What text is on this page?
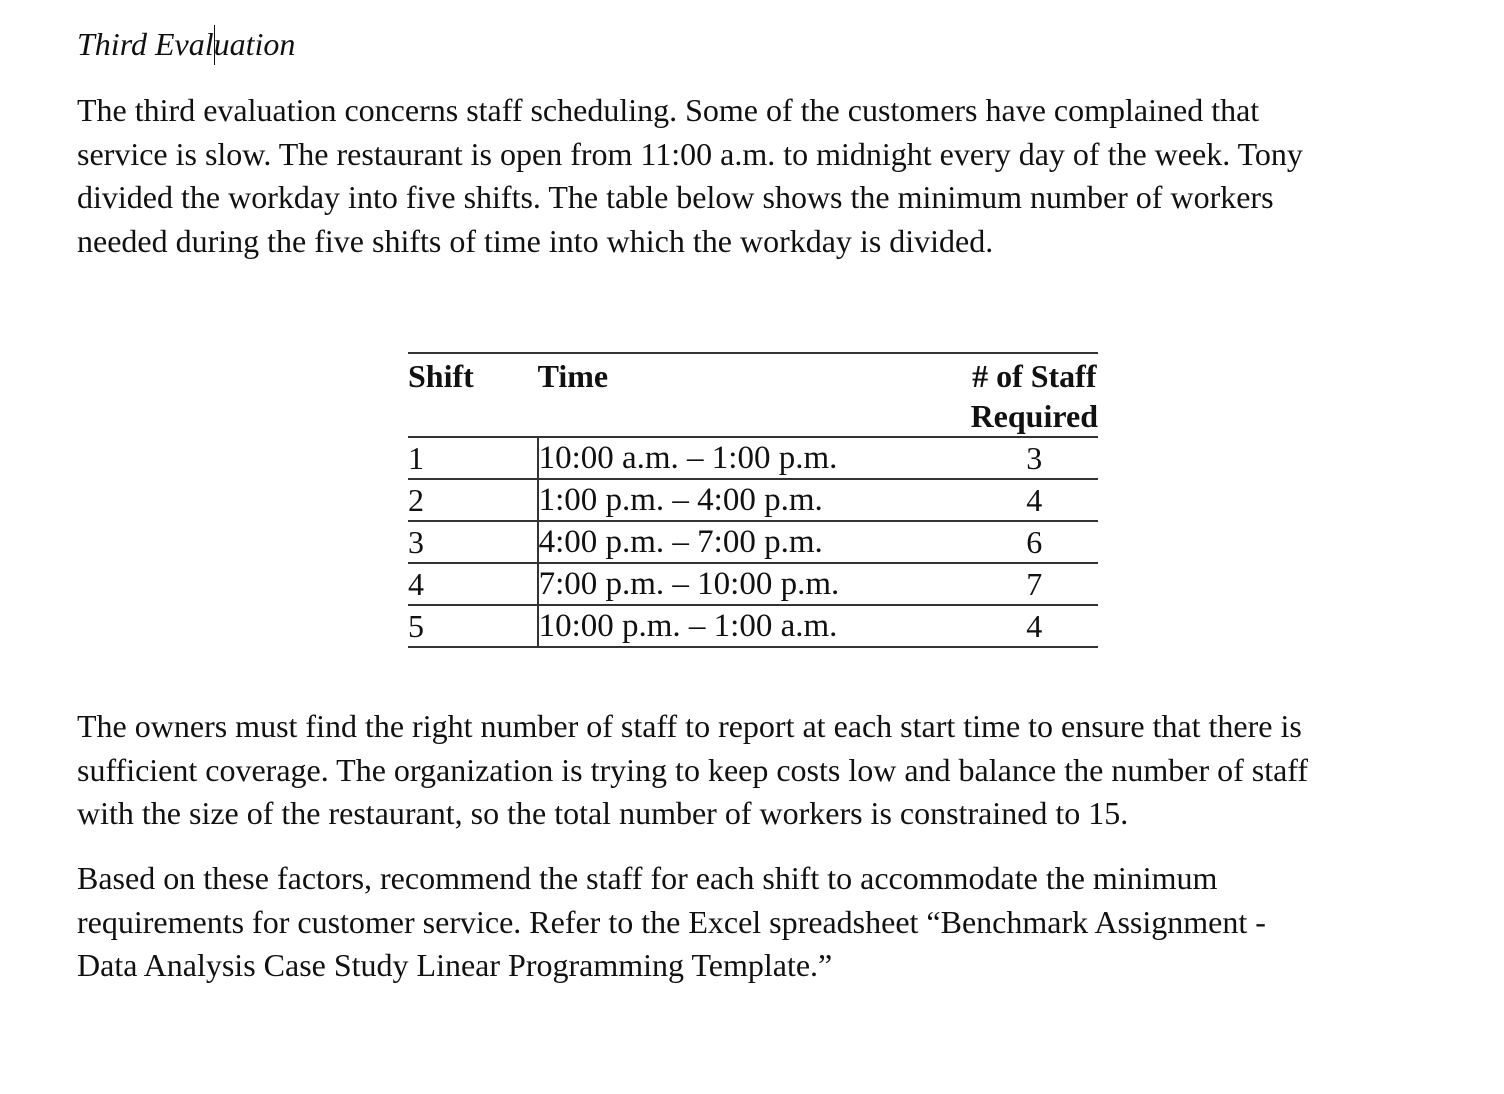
Third Evaluation

The third evaluation concerns staff scheduling. Some of the customers have complained that
service is slow. The restaurant is open from 11:00 a.m. to midnight every day of the week. Tony
divided the workday into five shifts. The table below shows the minimum number of workers
needed during the five shifts of time into which the workday is divided.

Shift	Time	# of Staff
Required
1	10:00 a.m. – 1:00 p.m.	3
2	1:00 p.m. – 4:00 p.m.	4
3	4:00 p.m. – 7:00 p.m.	6
4	7:00 p.m. – 10:00 p.m.	7
5	10:00 p.m. – 1:00 a.m.	4

The owners must find the right number of staff to report at each start time to ensure that there is
sufficient coverage. The organization is trying to keep costs low and balance the number of staff
with the size of the restaurant, so the total number of workers is constrained to 15.

Based on these factors, recommend the staff for each shift to accommodate the minimum
requirements for customer service. Refer to the Excel spreadsheet “Benchmark Assignment -
Data Analysis Case Study Linear Programming Template.”
